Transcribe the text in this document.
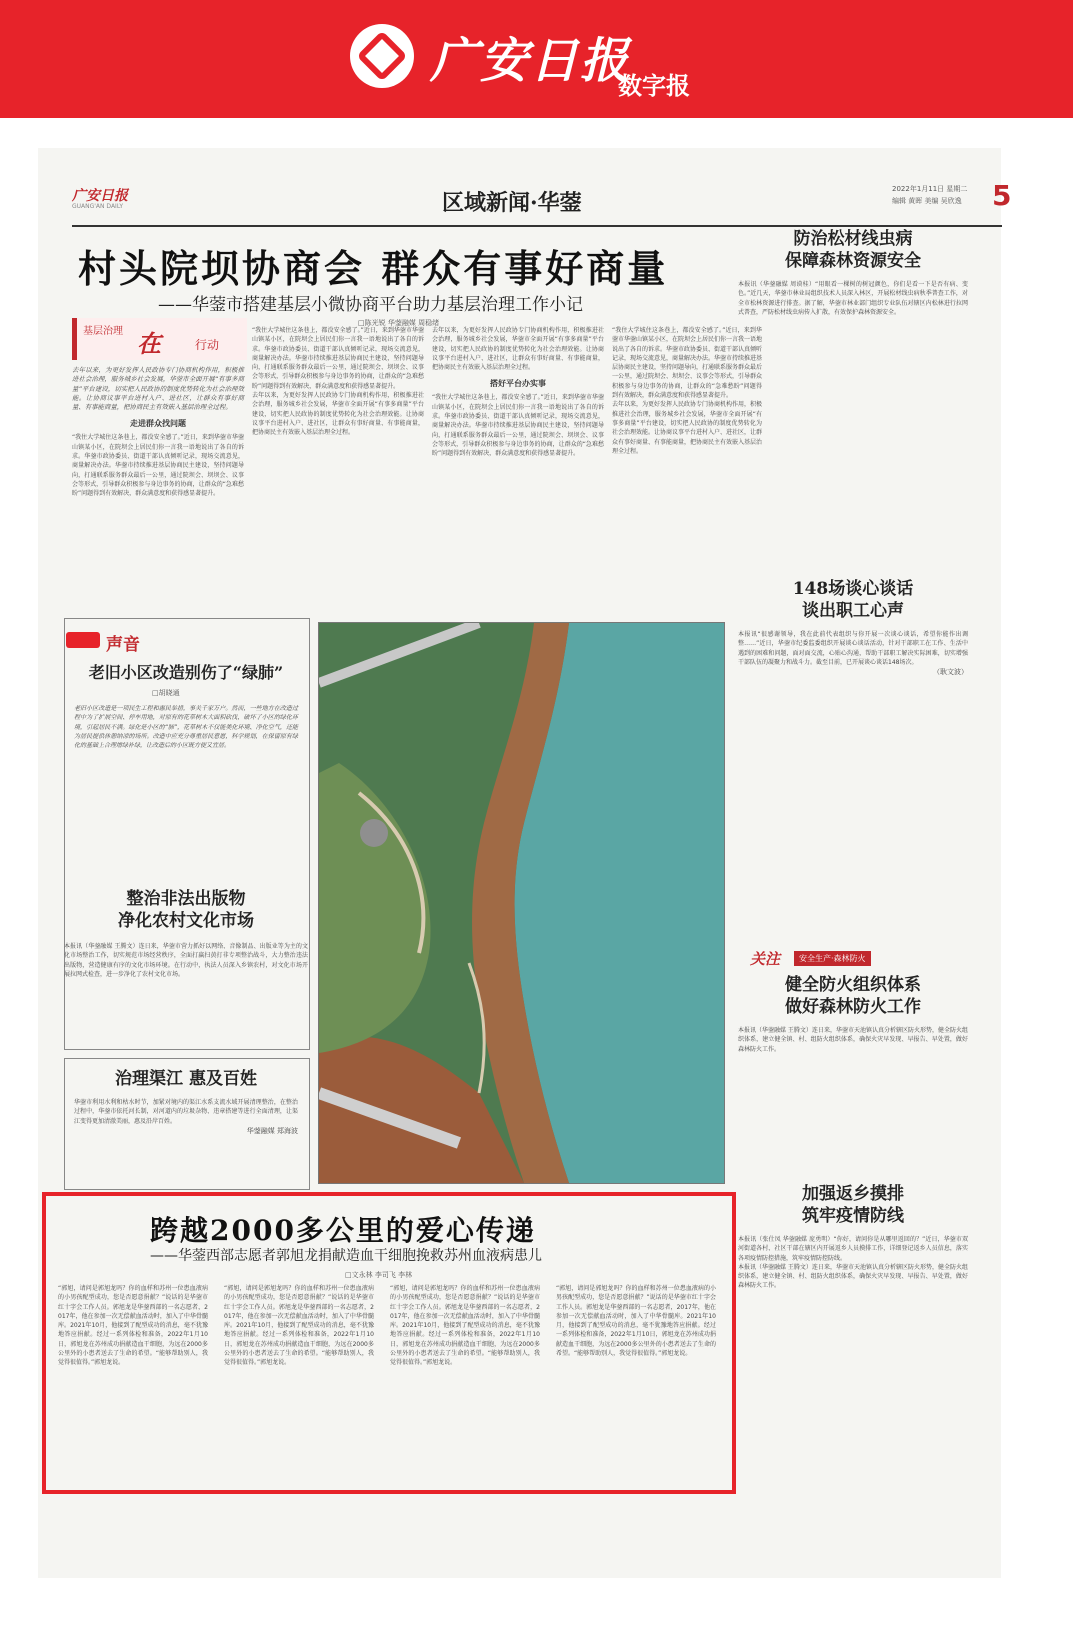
广安日报
数字报
广安日报
GUANG'AN DAILY	区域新闻·华蓥
2022年1月11日 星期二
编辑 黄晖 美编 吴欣逸 5
村头院坝协商会 群众有事好商量
——华蓥市搭建基层小微协商平台助力基层治理工作小记
□陈光锐 华蓥融媒 周稳绪
基层治理 在	行动
去年以来，为更好发挥人民政协专门协商机构作用，积极推进社会治理，服务城乡社会发展，华蓥市全面开展“有事多商量”平台建设，切实把人民政协的制度优势转化为社会治理效能。让协商议事平台进村入户、进社区，让群众有事好商量、有事能商量，把协商民主有效嵌入基层治理全过程。
走进群众找问题
“我住大学城住这条巷上，都没安全感了。”近日，来到华蓥市华蓥山镇某小区，在院坝会上居民们你一言我一语地说出了各自的诉求。华蓥市政协委员、街道干部认真倾听记录，现场交流意见，商量解决办法。华蓥市持续推进基层协商民主建设，坚持问题导向，打通联系服务群众最后一公里，通过院坝会、坝坝会、议事会等形式，引导群众积极参与身边事务的协商，让群众的“急难愁盼”问题得到有效解决，群众满意度和获得感显著提升。
“我住大学城住这条巷上，都没安全感了。”近日，来到华蓥市华蓥山镇某小区，在院坝会上居民们你一言我一语地说出了各自的诉求。华蓥市政协委员、街道干部认真倾听记录，现场交流意见，商量解决办法。华蓥市持续推进基层协商民主建设，坚持问题导向，打通联系服务群众最后一公里，通过院坝会、坝坝会、议事会等形式，引导群众积极参与身边事务的协商，让群众的“急难愁盼”问题得到有效解决，群众满意度和获得感显著提升。
去年以来，为更好发挥人民政协专门协商机构作用，积极推进社会治理，服务城乡社会发展，华蓥市全面开展“有事多商量”平台建设，切实把人民政协的制度优势转化为社会治理效能。让协商议事平台进村入户、进社区，让群众有事好商量、有事能商量，把协商民主有效嵌入基层治理全过程。
去年以来，为更好发挥人民政协专门协商机构作用，积极推进社会治理，服务城乡社会发展，华蓥市全面开展“有事多商量”平台建设，切实把人民政协的制度优势转化为社会治理效能。让协商议事平台进村入户、进社区，让群众有事好商量、有事能商量，把协商民主有效嵌入基层治理全过程。
搭好平台办实事
“我住大学城住这条巷上，都没安全感了。”近日，来到华蓥市华蓥山镇某小区，在院坝会上居民们你一言我一语地说出了各自的诉求。华蓥市政协委员、街道干部认真倾听记录，现场交流意见，商量解决办法。华蓥市持续推进基层协商民主建设，坚持问题导向，打通联系服务群众最后一公里，通过院坝会、坝坝会、议事会等形式，引导群众积极参与身边事务的协商，让群众的“急难愁盼”问题得到有效解决，群众满意度和获得感显著提升。
“我住大学城住这条巷上，都没安全感了。”近日，来到华蓥市华蓥山镇某小区，在院坝会上居民们你一言我一语地说出了各自的诉求。华蓥市政协委员、街道干部认真倾听记录，现场交流意见，商量解决办法。华蓥市持续推进基层协商民主建设，坚持问题导向，打通联系服务群众最后一公里，通过院坝会、坝坝会、议事会等形式，引导群众积极参与身边事务的协商，让群众的“急难愁盼”问题得到有效解决，群众满意度和获得感显著提升。
去年以来，为更好发挥人民政协专门协商机构作用，积极推进社会治理，服务城乡社会发展，华蓥市全面开展“有事多商量”平台建设，切实把人民政协的制度优势转化为社会治理效能。让协商议事平台进村入户、进社区，让群众有事好商量、有事能商量，把协商民主有效嵌入基层治理全过程。
声音
老旧小区改造别伤了“绿肺”
□胡晓通
老旧小区改造是一项民生工程和惠民举措，事关千家万户。然而，一些地方在改造过程中为了扩展空间、停车用地，对原有的花草树木大面积砍伐，破坏了小区的绿化环境，引起居民不满。绿化是小区的“肺”，花草树木不仅能美化环境、净化空气，还能为居民提供休憩纳凉的场所。改造中应充分尊重居民意愿，科学规划，在保留原有绿化的基础上合理增绿补绿，让改造后的小区既方便又宜居。
整治非法出版物
净化农村文化市场
本报讯（华蓥融媒 王腾文）连日来，华蓥市营力抓好以网络、音像制品、出版业等为主的文化市场整治工作，切实规范市场经营秩序，全面打赢扫黄打非专项整治战斗，大力整治违法出版物，营造健康有序的文化市场环境。在行动中，执法人员深入乡镇农村，对文化市场开展拉网式检查，进一步净化了农村文化市场。
治理渠江 惠及百姓
华蓥市利用水利和枯水时节，加紧对境内的渠江水系支流水域开展清理整治，在整治过程中，华蓥市依托河长制，对河道内的垃圾杂物、违章搭建等进行全面清理，让渠江变得更加清澈美丽，惠及沿岸百姓。
华蓥融媒 郑海波
防治松材线虫病
保障森林资源安全
本报讯（华蓥融媒 周谟桂）“用眼看一棵树的树冠颜色，你们是看一下是否有病、变色。”近几天，华蓥市林业局组织技术人员深入林区，开展松材线虫病秋季普查工作，对全市松林资源进行排查。据了解，华蓥市林业部门组织专业队伍对辖区内松林进行拉网式普查，严防松材线虫病传入扩散，有效保护森林资源安全。
148场谈心谈话
谈出职工心声
本报讯“很感谢领导，我在此前代表组织与你开展一次谈心谈话，希望你能作出调整……”近日，华蓥市纪委监委组织开展谈心谈话活动，针对干部职工在工作、生活中遇到的困难和问题，面对面交流，心贴心沟通，帮助干部职工解决实际困难，切实增强干部队伍的凝聚力和战斗力。截至目前，已开展谈心谈话148场次。
（耿文波）
关注	安全生产·森林防火
健全防火组织体系
做好森林防火工作
本报讯（华蓥融媒 王腾文）连日来，华蓥市天池镇认真分析辖区防火形势，健全防火组织体系，建立健全镇、村、组防火组织体系，确保火灾早发现、早报告、早处置，做好森林防火工作。
加强返乡摸排
筑牢疫情防线
本报讯（张仕凤 华蓥融媒 庞勇明）“你好，请问你是从哪里返回的？”近日，华蓥市双河街道各村、社区干部在辖区内开展返乡人员摸排工作，详细登记返乡人员信息，落实各项疫情防控措施，筑牢疫情防控防线。
本报讯（华蓥融媒 王腾文）连日来，华蓥市天池镇认真分析辖区防火形势，健全防火组织体系，建立健全镇、村、组防火组织体系，确保火灾早发现、早报告、早处置，做好森林防火工作。
跨越2000多公里的爱心传递
——华蓥西部志愿者郭旭龙捐献造血干细胞挽救苏州血液病患儿
□文永林 李司飞 李林
“郭旭，请问是郭旭龙吗？你的血样和苏州一位患血液病的小男孩配型成功，您是否愿意捐献？”说话的是华蓥市红十字会工作人员。郭旭龙是华蓥西部的一名志愿者，2017年，他在参加一次无偿献血活动时，加入了中华骨髓库。2021年10月，他接到了配型成功的消息，毫不犹豫地答应捐献。经过一系列体检和准备，2022年1月10日，郭旭龙在苏州成功捐献造血干细胞，为远在2000多公里外的小患者送去了生命的希望。“能够帮助别人，我觉得很值得。”郭旭龙说。
“郭旭，请问是郭旭龙吗？你的血样和苏州一位患血液病的小男孩配型成功，您是否愿意捐献？”说话的是华蓥市红十字会工作人员。郭旭龙是华蓥西部的一名志愿者，2017年，他在参加一次无偿献血活动时，加入了中华骨髓库。2021年10月，他接到了配型成功的消息，毫不犹豫地答应捐献。经过一系列体检和准备，2022年1月10日，郭旭龙在苏州成功捐献造血干细胞，为远在2000多公里外的小患者送去了生命的希望。“能够帮助别人，我觉得很值得。”郭旭龙说。
“郭旭，请问是郭旭龙吗？你的血样和苏州一位患血液病的小男孩配型成功，您是否愿意捐献？”说话的是华蓥市红十字会工作人员。郭旭龙是华蓥西部的一名志愿者，2017年，他在参加一次无偿献血活动时，加入了中华骨髓库。2021年10月，他接到了配型成功的消息，毫不犹豫地答应捐献。经过一系列体检和准备，2022年1月10日，郭旭龙在苏州成功捐献造血干细胞，为远在2000多公里外的小患者送去了生命的希望。“能够帮助别人，我觉得很值得。”郭旭龙说。
“郭旭，请问是郭旭龙吗？你的血样和苏州一位患血液病的小男孩配型成功，您是否愿意捐献？”说话的是华蓥市红十字会工作人员。郭旭龙是华蓥西部的一名志愿者，2017年，他在参加一次无偿献血活动时，加入了中华骨髓库。2021年10月，他接到了配型成功的消息，毫不犹豫地答应捐献。经过一系列体检和准备，2022年1月10日，郭旭龙在苏州成功捐献造血干细胞，为远在2000多公里外的小患者送去了生命的希望。“能够帮助别人，我觉得很值得。”郭旭龙说。
